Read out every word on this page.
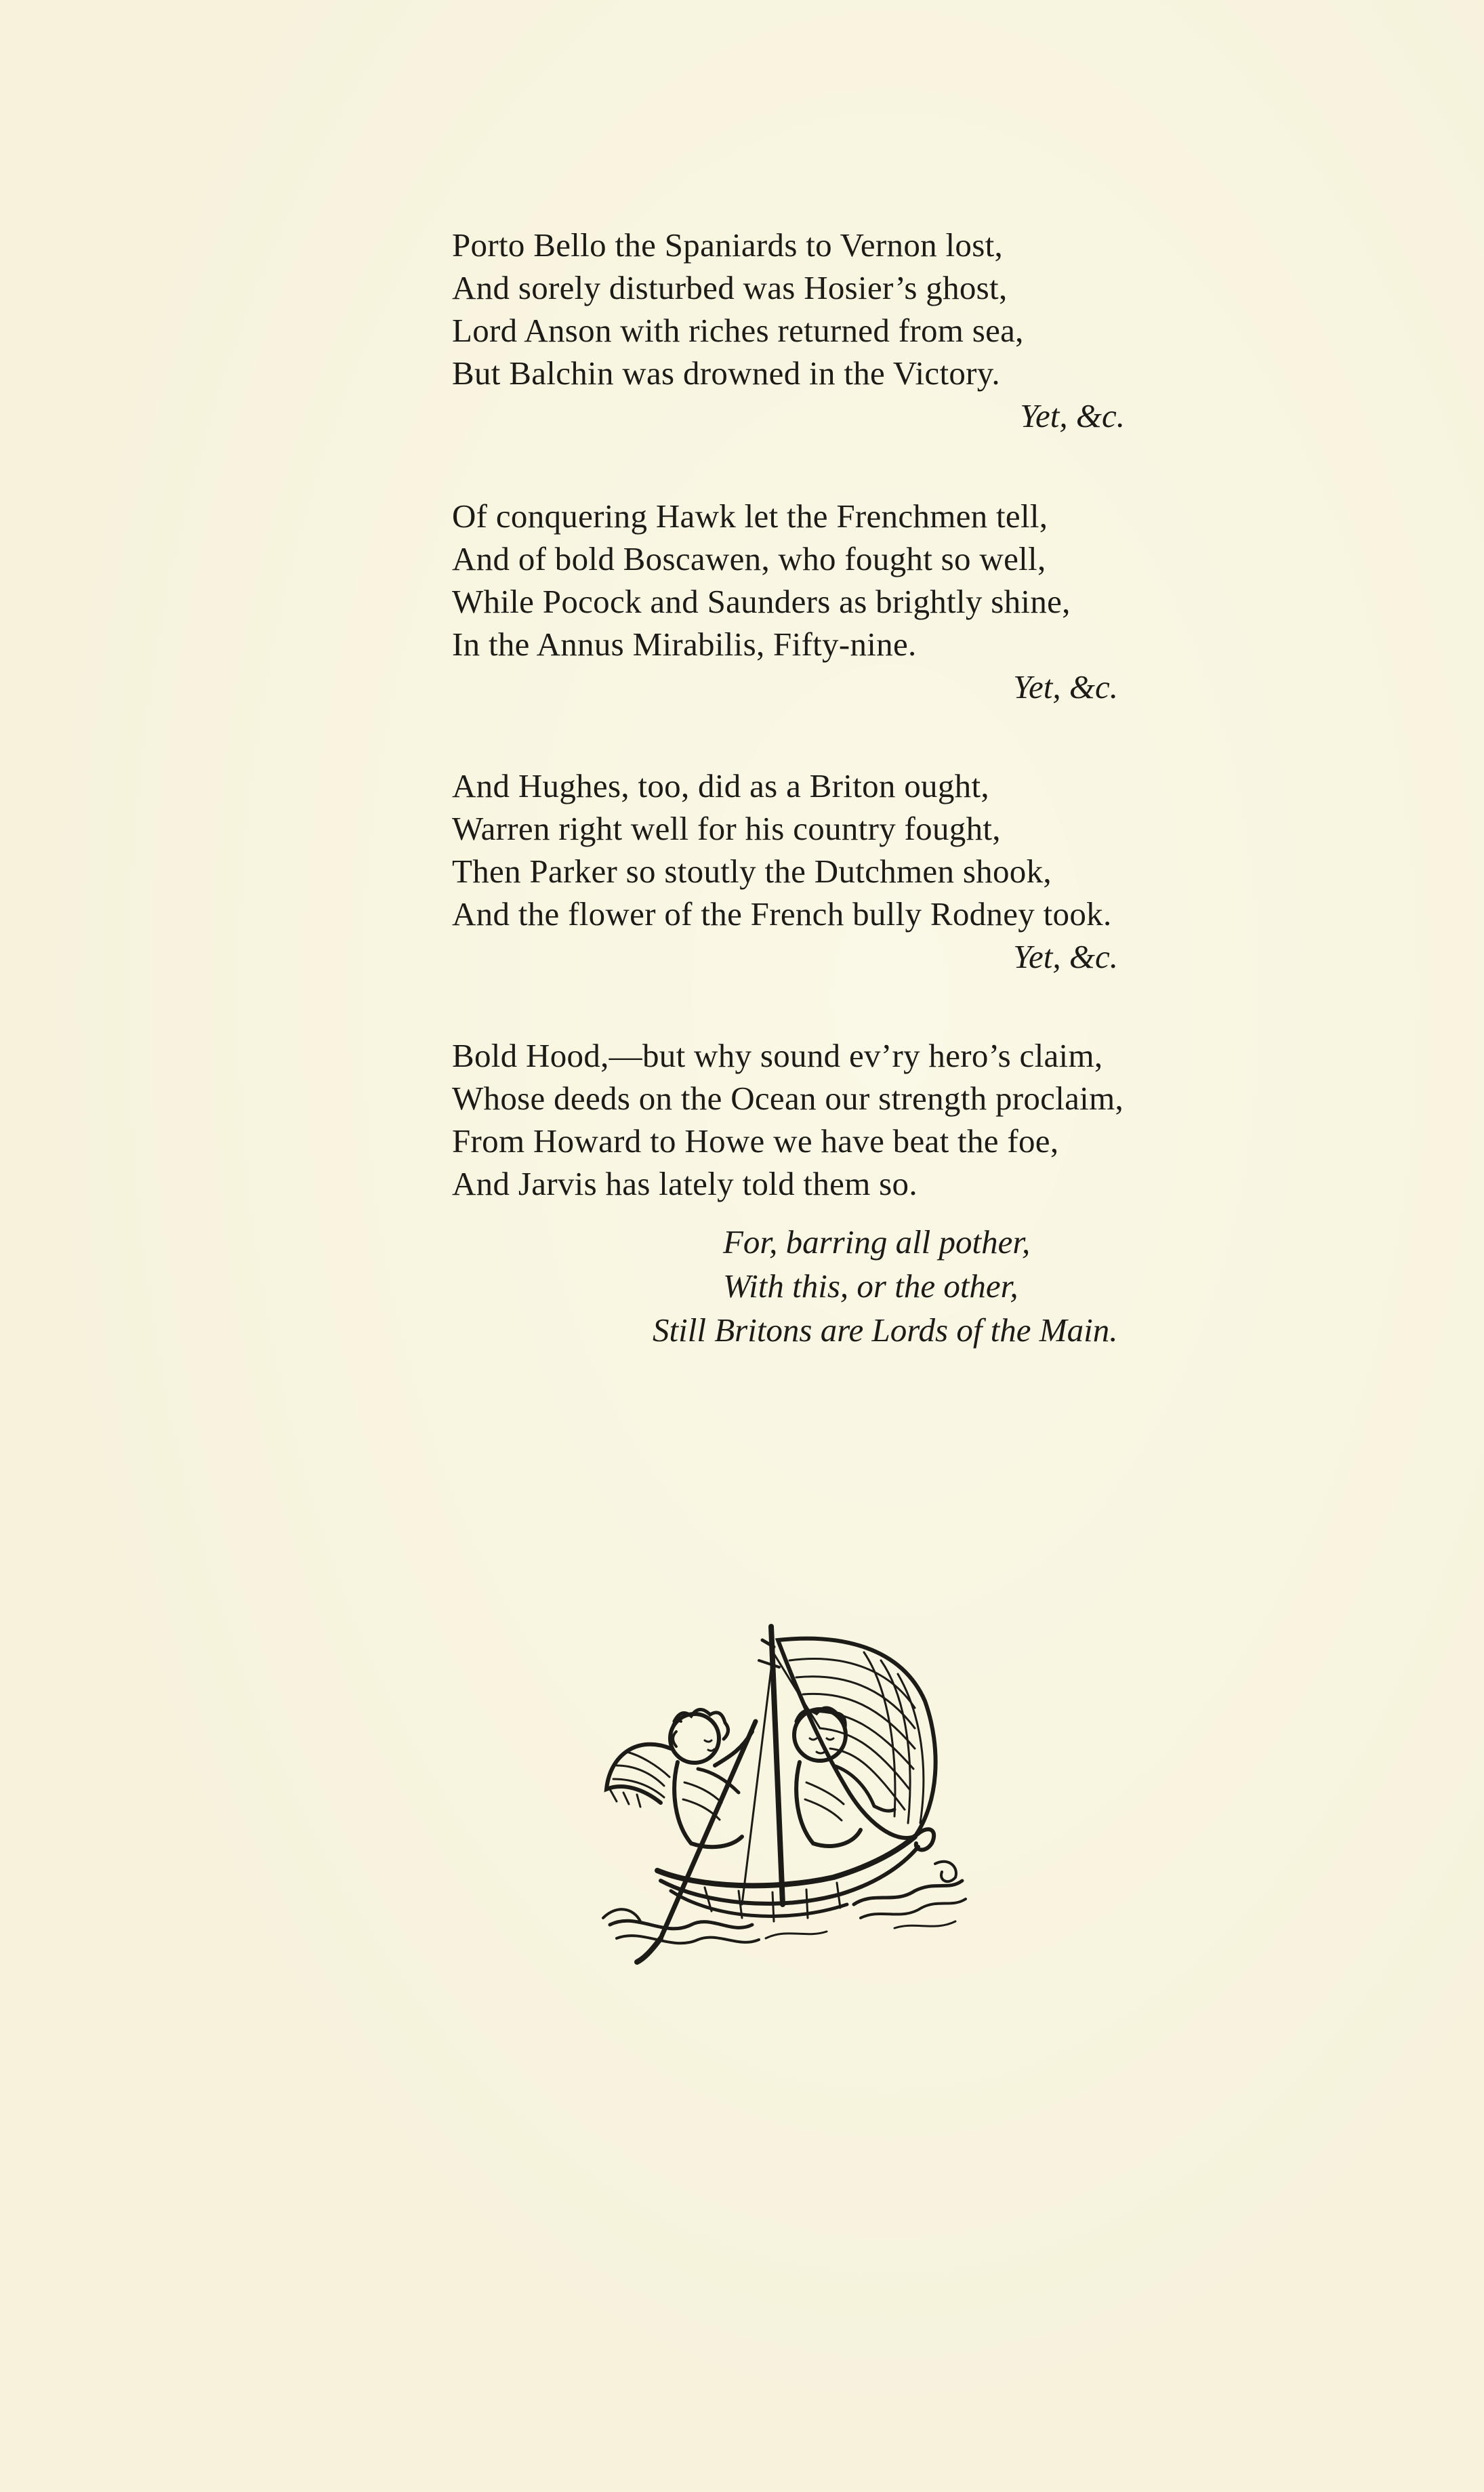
Porto Bello the Spaniards to Vernon lost,
And sorely disturbed was Hosier’s ghost,
Lord Anson with riches returned from sea,
But Balchin was drowned in the Victory.
Yet, &c.
Of conquering Hawk let the Frenchmen tell,
And of bold Boscawen, who fought so well,
While Pocock and Saunders as brightly shine,
In the Annus Mirabilis, Fifty-nine.
Yet, &c.
And Hughes, too, did as a Briton ought,
Warren right well for his country fought,
Then Parker so stoutly the Dutchmen shook,
And the flower of the French bully Rodney took.
Yet, &c.
Bold Hood,—but why sound ev’ry hero’s claim,
Whose deeds on the Ocean our strength proclaim,
From Howard to Howe we have beat the foe,
And Jarvis has lately told them so.
For, barring all pother,
With this, or the other,
Still Britons are Lords of the Main.
